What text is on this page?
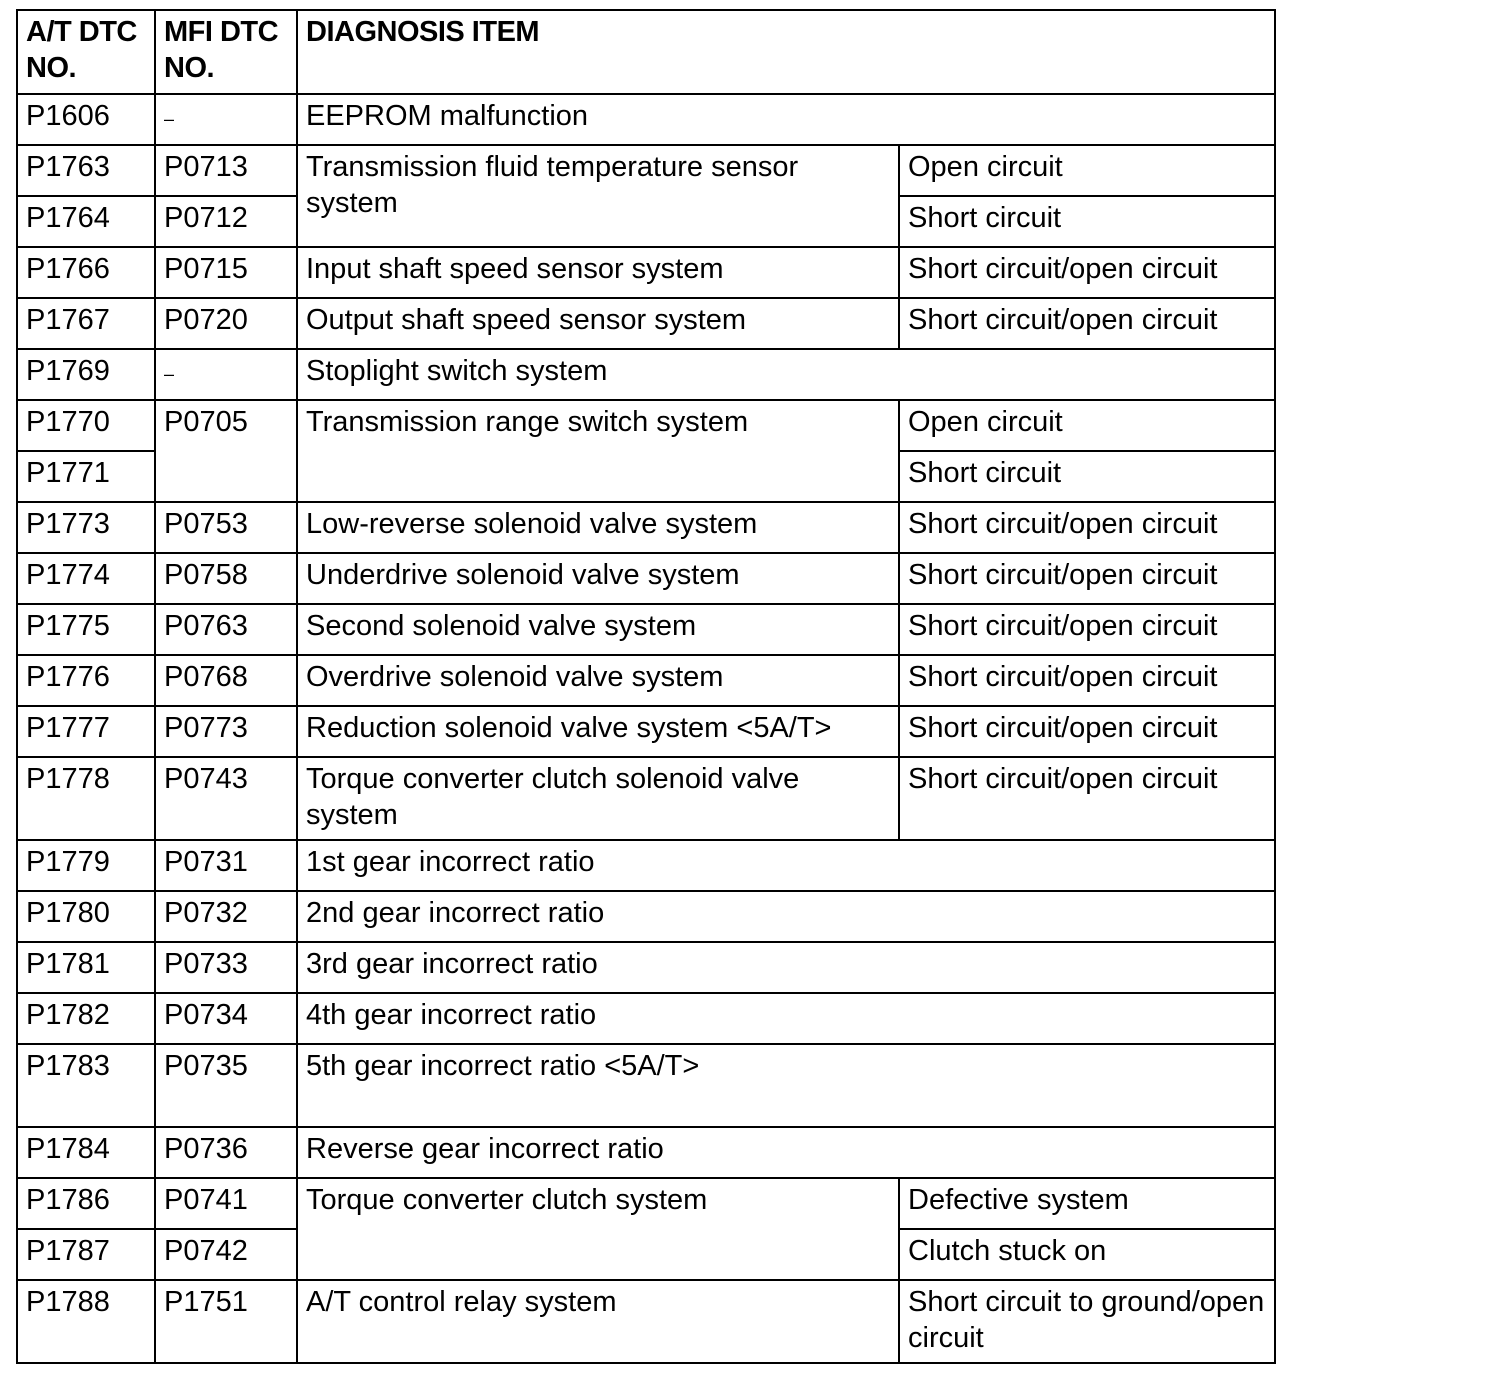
A/T DTC NO.	MFI DTC NO.	DIAGNOSIS ITEM	
P1606	–	EEPROM malfunction	
P1763	P0713	Transmission fluid temperature sensor system	Open circuit
P1764	P0712		Short circuit
P1766	P0715	Input shaft speed sensor system	Short circuit/open circuit
P1767	P0720	Output shaft speed sensor system	Short circuit/open circuit
P1769	–	Stoplight switch system	
P1770	P0705	Transmission range switch system	Open circuit
P1771			Short circuit
P1773	P0753	Low-reverse solenoid valve system	Short circuit/open circuit
P1774	P0758	Underdrive solenoid valve system	Short circuit/open circuit
P1775	P0763	Second solenoid valve system	Short circuit/open circuit
P1776	P0768	Overdrive solenoid valve system	Short circuit/open circuit
P1777	P0773	Reduction solenoid valve system <5A/T>	Short circuit/open circuit
P1778	P0743	Torque converter clutch solenoid valve system	Short circuit/open circuit
P1779	P0731	1st gear incorrect ratio	
P1780	P0732	2nd gear incorrect ratio	
P1781	P0733	3rd gear incorrect ratio	
P1782	P0734	4th gear incorrect ratio	
P1783	P0735	5th gear incorrect ratio <5A/T>	
P1784	P0736	Reverse gear incorrect ratio	
P1786	P0741	Torque converter clutch system	Defective system
P1787	P0742		Clutch stuck on
P1788	P1751	A/T control relay system	Short circuit to ground/open circuit
